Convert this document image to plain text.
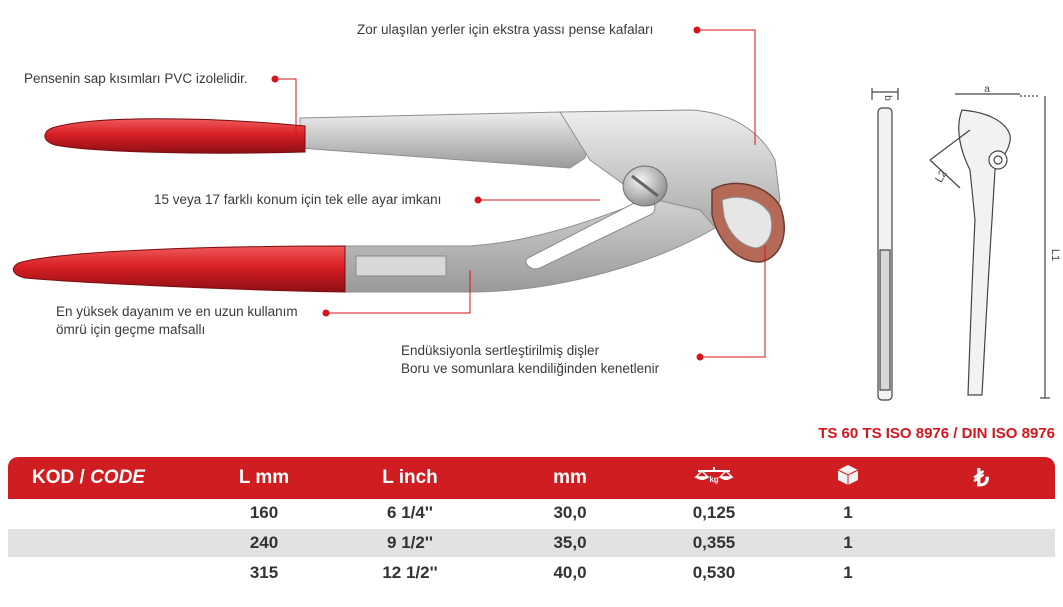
b
a
L2
L1
Zor ulaşılan yerler için ekstra yassı pense kafaları
Pensenin sap kısımları PVC izolelidir.
15 veya 17 farklı konum için tek elle ayar imkanı
En yüksek dayanım ve en uzun kullanım
ömrü için geçme mafsallı
Endüksiyonla sertleştirilmiş dişler
Boru ve somunlara kendiliğinden kenetlenir
TS 60 TS ISO 8976 / DIN ISO 8976
KOD / CODE	L mm	L inch	mm	kg		₺
	160	6 1/4''	30,0	0,125	1	
	240	9 1/2''	35,0	0,355	1	
	315	12 1/2''	40,0	0,530	1	
